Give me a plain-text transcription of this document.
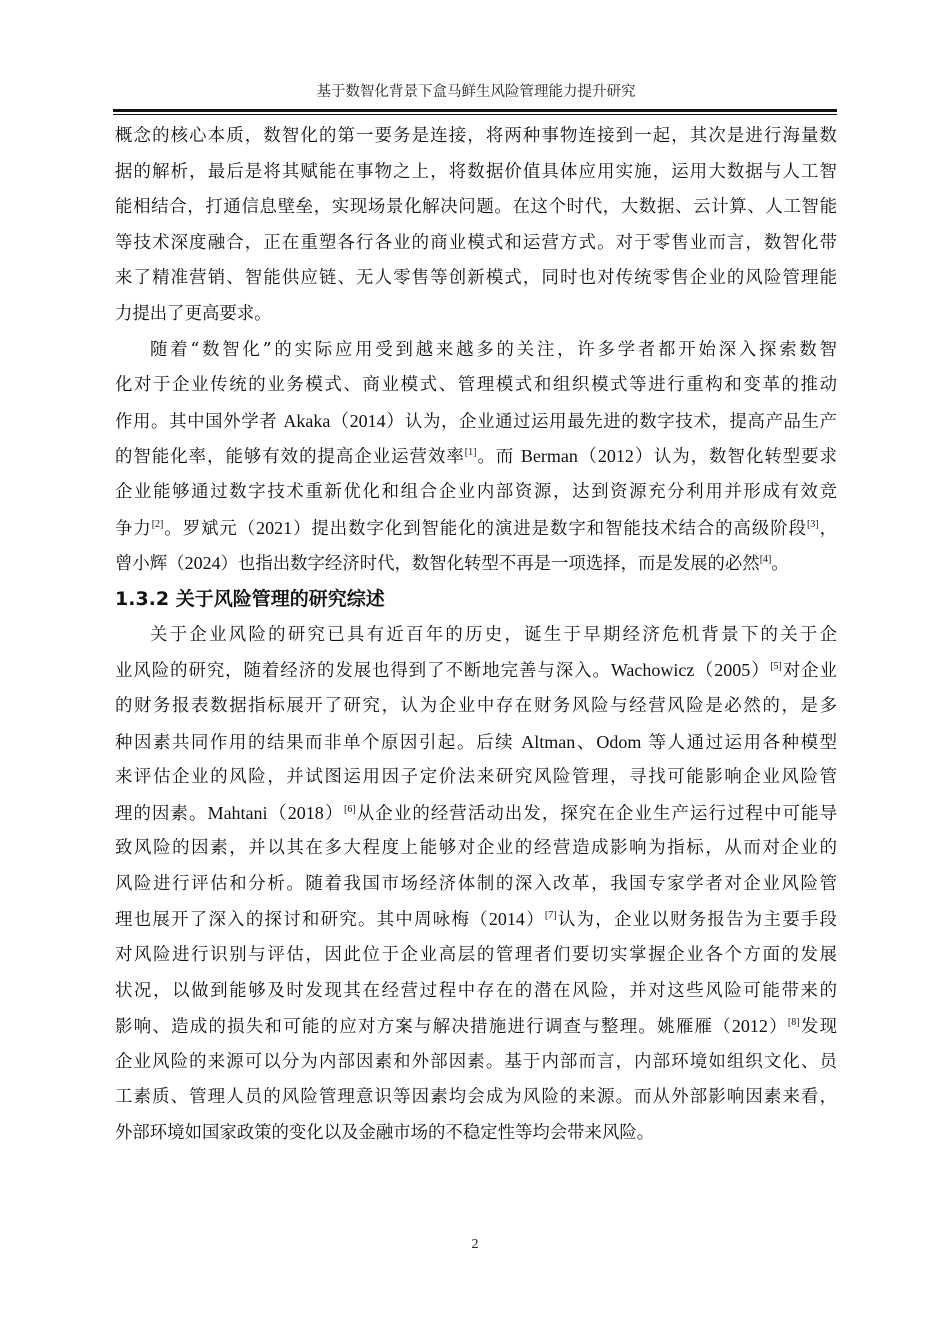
基于数智化背景下盒马鲜生风险管理能力提升研究
概念的核心本质，数智化的第一要务是连接，将两种事物连接到一起，其次是进行海量数
据的解析，最后是将其赋能在事物之上，将数据价值具体应用实施，运用大数据与人工智
能相结合，打通信息壁垒，实现场景化解决问题。在这个时代，大数据、云计算、人工智能
等技术深度融合，正在重塑各行各业的商业模式和运营方式。对于零售业而言，数智化带
来了精准营销、智能供应链、无人零售等创新模式，同时也对传统零售企业的风险管理能
力提出了更高要求。
随着“数智化”的实际应用受到越来越多的关注，许多学者都开始深入探索数智
化对于企业传统的业务模式、商业模式、管理模式和组织模式等进行重构和变革的推动
作用。其中国外学者 Akaka（2014）认为，企业通过运用最先进的数字技术，提高产品生产
的智能化率，能够有效的提高企业运营效率[1]。而 Berman（2012）认为，数智化转型要求
企业能够通过数字技术重新优化和组合企业内部资源，达到资源充分利用并形成有效竞
争力[2]。罗斌元（2021）提出数字化到智能化的演进是数字和智能技术结合的高级阶段[3]，
曾小辉（2024）也指出数字经济时代，数智化转型不再是一项选择，而是发展的必然[4]。
1.3.2 关于风险管理的研究综述
关于企业风险的研究已具有近百年的历史，诞生于早期经济危机背景下的关于企
业风险的研究，随着经济的发展也得到了不断地完善与深入。Wachowicz（2005）[5]对企业
的财务报表数据指标展开了研究，认为企业中存在财务风险与经营风险是必然的，是多
种因素共同作用的结果而非单个原因引起。后续 Altman、Odom 等人通过运用各种模型
来评估企业的风险，并试图运用因子定价法来研究风险管理，寻找可能影响企业风险管
理的因素。Mahtani（2018）[6]从企业的经营活动出发，探究在企业生产运行过程中可能导
致风险的因素，并以其在多大程度上能够对企业的经营造成影响为指标，从而对企业的
风险进行评估和分析。随着我国市场经济体制的深入改革，我国专家学者对企业风险管
理也展开了深入的探讨和研究。其中周咏梅（2014）[7]认为，企业以财务报告为主要手段
对风险进行识别与评估，因此位于企业高层的管理者们要切实掌握企业各个方面的发展
状况，以做到能够及时发现其在经营过程中存在的潜在风险，并对这些风险可能带来的
影响、造成的损失和可能的应对方案与解决措施进行调查与整理。姚雁雁（2012）[8]发现
企业风险的来源可以分为内部因素和外部因素。基于内部而言，内部环境如组织文化、员
工素质、管理人员的风险管理意识等因素均会成为风险的来源。而从外部影响因素来看，
外部环境如国家政策的变化以及金融市场的不稳定性等均会带来风险。
2
